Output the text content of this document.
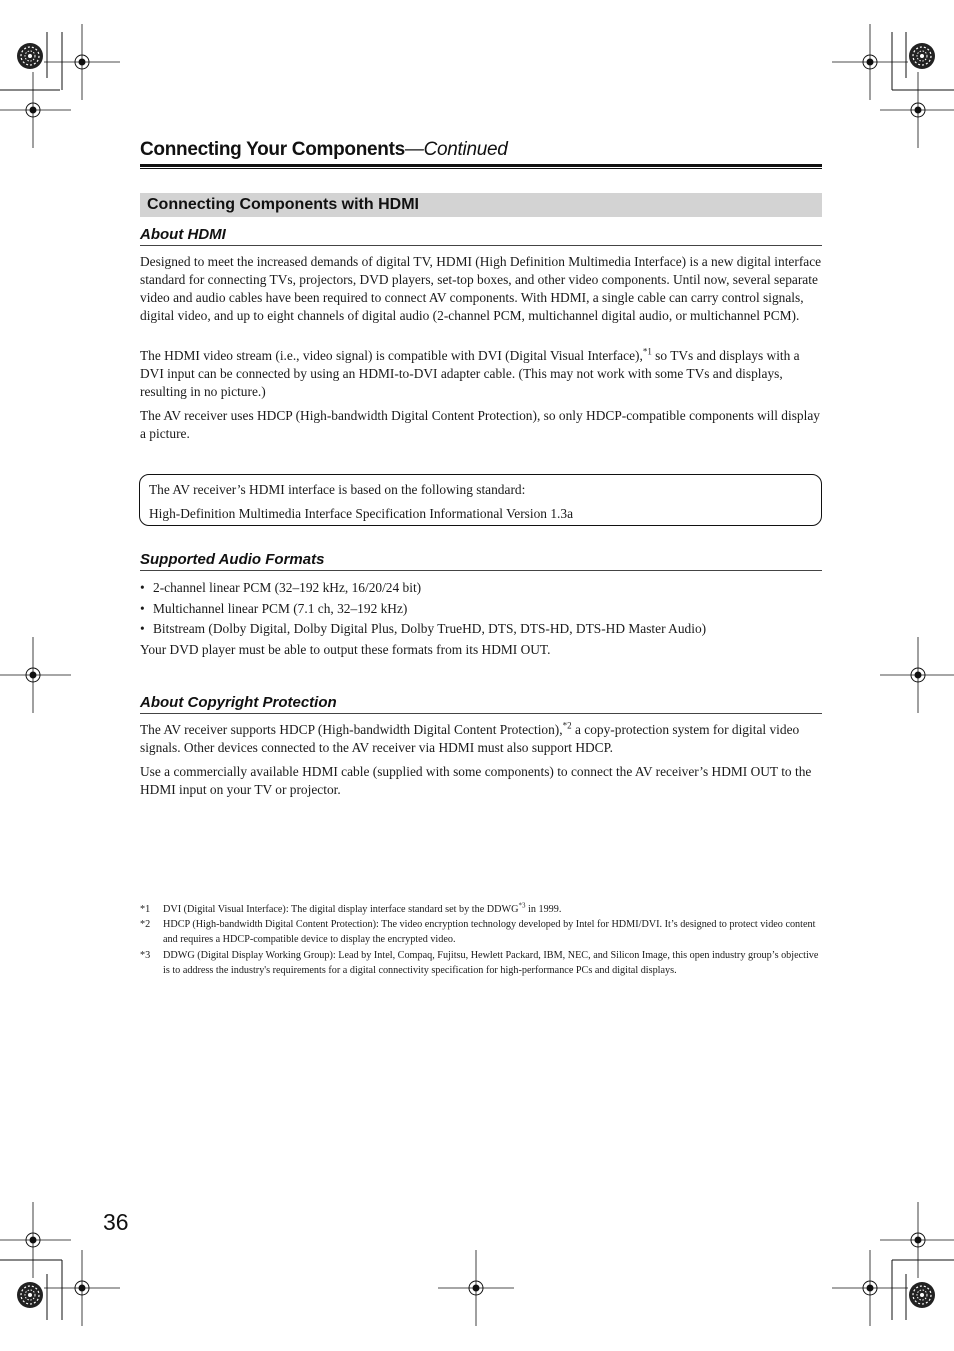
Connecting Your Components—Continued
Connecting Components with HDMI
About HDMI
Designed to meet the increased demands of digital TV, HDMI (High Definition Multimedia Interface) is a new digital interface standard for connecting TVs, projectors, DVD players, set-top boxes, and other video components. Until now, several separate video and audio cables have been required to connect AV components. With HDMI, a single cable can carry control signals, digital video, and up to eight channels of digital audio (2-channel PCM, multichannel digital audio, or multichannel PCM).
The HDMI video stream (i.e., video signal) is compatible with DVI (Digital Visual Interface),$^{*1}$ so TVs and displays with a DVI input can be connected by using an HDMI-to-DVI adapter cable. (This may not work with some TVs and displays, resulting in no picture.)
The AV receiver uses HDCP (High-bandwidth Digital Content Protection), so only HDCP-compatible components will display a picture.
The AV receiver’s HDMI interface is based on the following standard:
High-Definition Multimedia Interface Specification Informational Version 1.3a
Supported Audio Formats
• 2-channel linear PCM (32–192 kHz, 16/20/24 bit)
• Multichannel linear PCM (7.1 ch, 32–192 kHz)
• Bitstream (Dolby Digital, Dolby Digital Plus, Dolby TrueHD, DTS, DTS-HD, DTS-HD Master Audio)
Your DVD player must be able to output these formats from its HDMI OUT.
About Copyright Protection
The AV receiver supports HDCP (High-bandwidth Digital Content Protection),$^{*2}$ a copy-protection system for digital video signals. Other devices connected to the AV receiver via HDMI must also support HDCP.
Use a commercially available HDMI cable (supplied with some components) to connect the AV receiver’s HDMI OUT to the HDMI input on your TV or projector.
*1 DVI (Digital Visual Interface): The digital display interface standard set by the DDWG$^{*3}$ in 1999.
*2 HDCP (High-bandwidth Digital Content Protection): The video encryption technology developed by Intel for HDMI/DVI. It’s designed to protect video content and requires a HDCP-compatible device to display the encrypted video.
*3 DDWG (Digital Display Working Group): Lead by Intel, Compaq, Fujitsu, Hewlett Packard, IBM, NEC, and Silicon Image, this open industry group’s objective is to address the industry's requirements for a digital connectivity specification for high-performance PCs and digital displays.
36
